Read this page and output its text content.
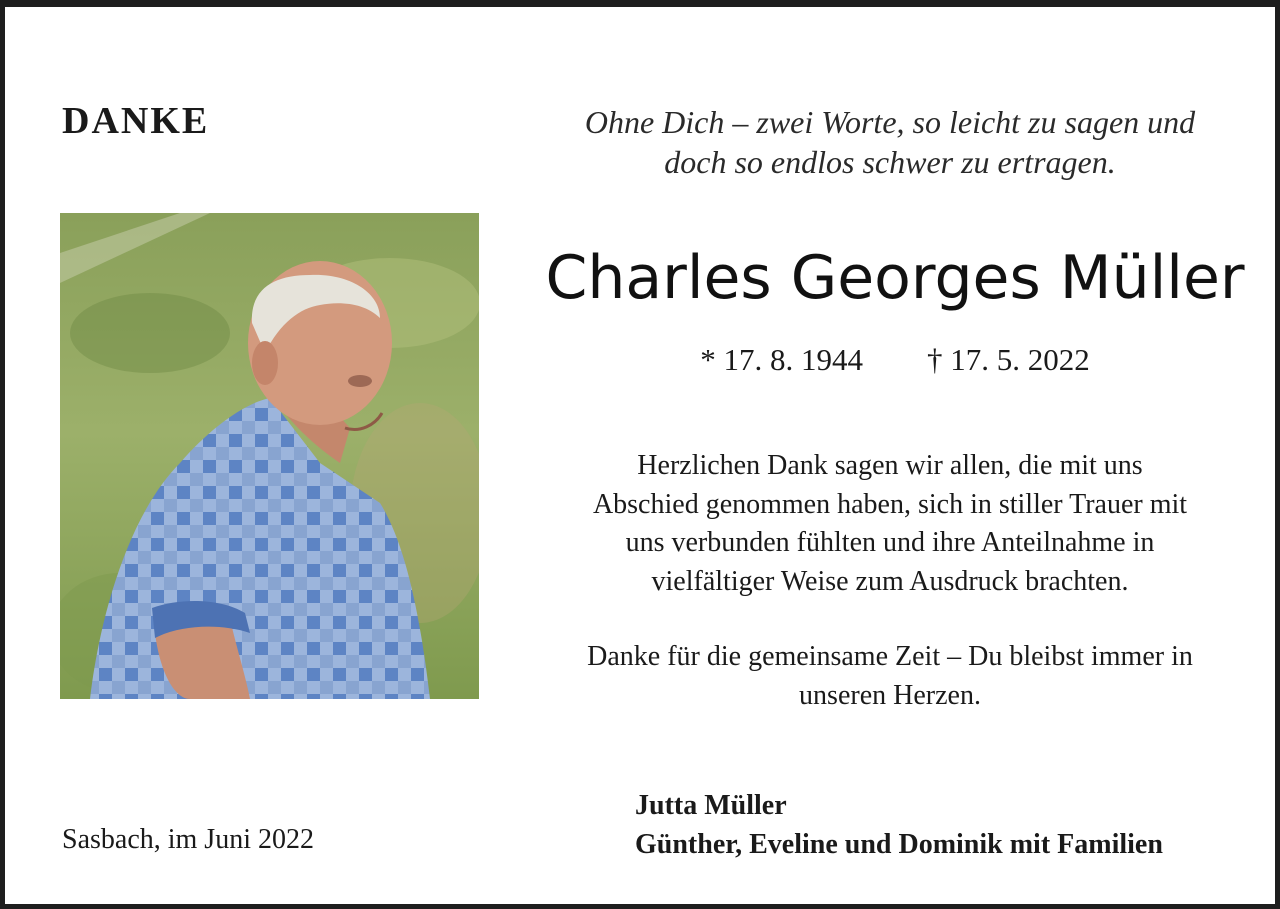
DANKE	Ohne Dich – zwei Worte, so leicht zu sagen und
doch so endlos schwer zu ertragen.
Charles Georges Müller
* 17. 8. 1944 † 17. 5. 2022
Herzlichen Dank sagen wir allen, die mit uns
Abschied genommen haben, sich in stiller Trauer mit
uns verbunden fühlten und ihre Anteilnahme in
vielfältiger Weise zum Ausdruck brachten.
Danke für die gemeinsame Zeit – Du bleibst immer in
unseren Herzen.
Sasbach, im Juni 2022
Jutta Müller
Günther, Eveline und Dominik mit Familien
